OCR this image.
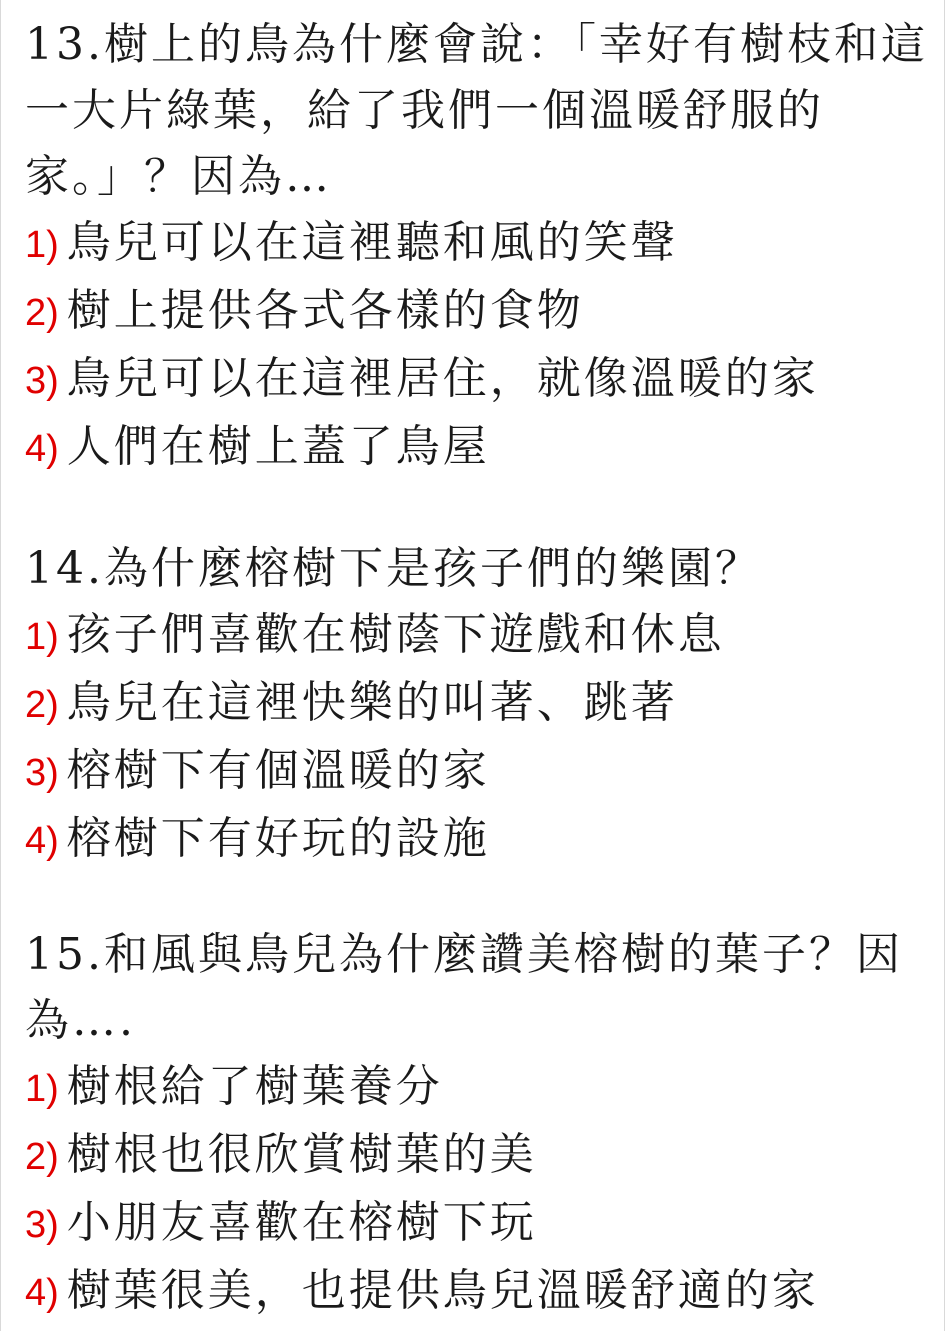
13.樹上的鳥為什麼會說：「幸好有樹枝和這一大片綠葉，給了我們一個溫暖舒服的家。」？因為…

1) 鳥兒可以在這裡聽和風的笑聲

2) 樹上提供各式各樣的食物

3) 鳥兒可以在這裡居住，就像溫暖的家

4) 人們在樹上蓋了鳥屋

14.為什麼榕樹下是孩子們的樂園？

1) 孩子們喜歡在樹蔭下遊戲和休息

2) 鳥兒在這裡快樂的叫著、跳著

3) 榕樹下有個溫暖的家

4) 榕樹下有好玩的設施

15.和風與鳥兒為什麼讚美榕樹的葉子？因為….

1) 樹根給了樹葉養分

2) 樹根也很欣賞樹葉的美

3) 小朋友喜歡在榕樹下玩

4) 樹葉很美，也提供鳥兒溫暖舒適的家
